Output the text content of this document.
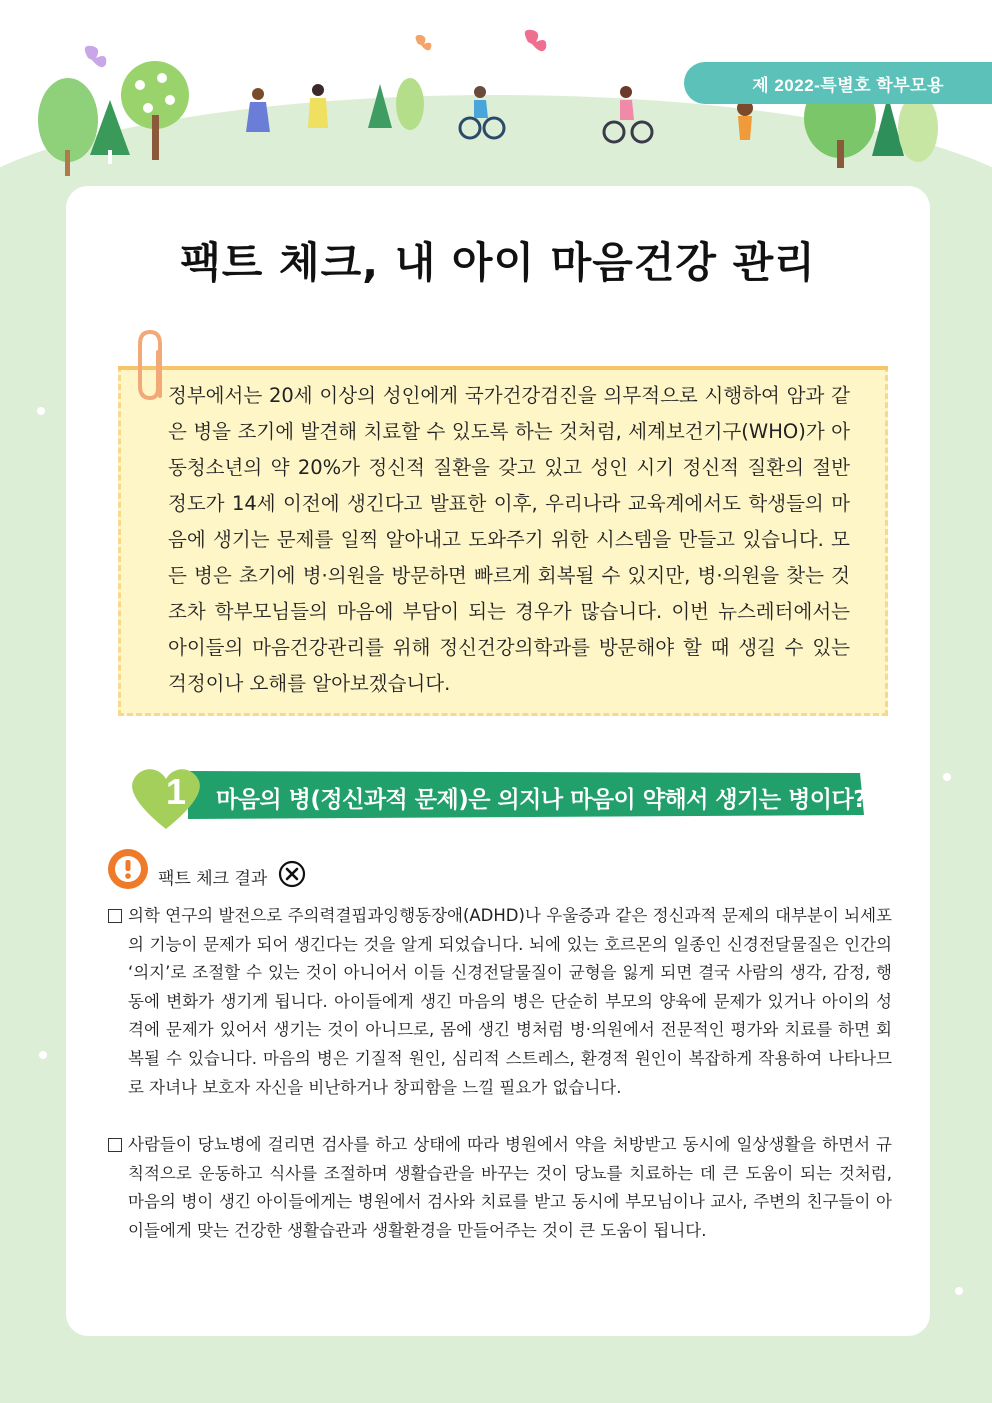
제 2022-특별호 학부모용
팩트 체크, 내 아이 마음건강 관리

정부에서는 20세 이상의 성인에게 국가건강검진을 의무적으로 시행하여 암과 같은 병을 조기에 발견해 치료할 수 있도록 하는 것처럼, 세계보건기구(WHO)가 아동청소년의 약 20%가 정신적 질환을 갖고 있고 성인 시기 정신적 질환의 절반 정도가 14세 이전에 생긴다고 발표한 이후, 우리나라 교육계에서도 학생들의 마음에 생기는 문제를 일찍 알아내고 도와주기 위한 시스템을 만들고 있습니다. 모든 병은 초기에 병·의원을 방문하면 빠르게 회복될 수 있지만, 병·의원을 찾는 것조차 학부모님들의 마음에 부담이 되는 경우가 많습니다. 이번 뉴스레터에서는 아이들의 마음건강관리를 위해 정신건강의학과를 방문해야 할 때 생길 수 있는 걱정이나 오해를 알아보겠습니다.

1	마음의 병(정신과적 문제)은 의지나 마음이 약해서 생기는 병이다?
팩트 체크 결과
의학 연구의 발전으로 주의력결핍과잉행동장애(ADHD)나 우울증과 같은 정신과적 문제의 대부분이 뇌세포의 기능이 문제가 되어 생긴다는 것을 알게 되었습니다. 뇌에 있는 호르몬의 일종인 신경전달물질은 인간의 ‘의지’로 조절할 수 있는 것이 아니어서 이들 신경전달물질이 균형을 잃게 되면 결국 사람의 생각, 감정, 행동에 변화가 생기게 됩니다. 아이들에게 생긴 마음의 병은 단순히 부모의 양육에 문제가 있거나 아이의 성격에 문제가 있어서 생기는 것이 아니므로, 몸에 생긴 병처럼 병·의원에서 전문적인 평가와 치료를 하면 회복될 수 있습니다. 마음의 병은 기질적 원인, 심리적 스트레스, 환경적 원인이 복잡하게 작용하여 나타나므로 자녀나 보호자 자신을 비난하거나 창피함을 느낄 필요가 없습니다.
사람들이 당뇨병에 걸리면 검사를 하고 상태에 따라 병원에서 약을 처방받고 동시에 일상생활을 하면서 규칙적으로 운동하고 식사를 조절하며 생활습관을 바꾸는 것이 당뇨를 치료하는 데 큰 도움이 되는 것처럼, 마음의 병이 생긴 아이들에게는 병원에서 검사와 치료를 받고 동시에 부모님이나 교사, 주변의 친구들이 아이들에게 맞는 건강한 생활습관과 생활환경을 만들어주는 것이 큰 도움이 됩니다.
